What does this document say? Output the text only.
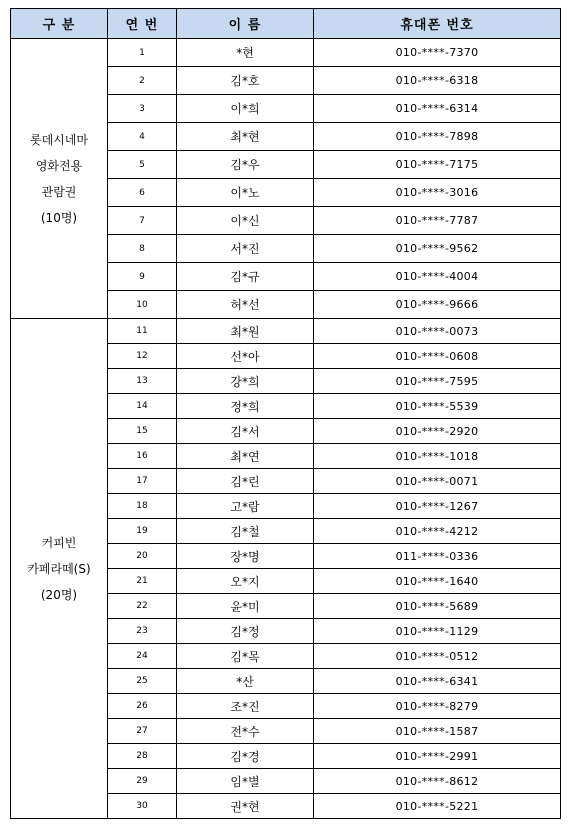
구 분	연 번	이 름	휴대폰 번호

롯데시네마
영화전용
관람권
(10명)	1	*현	010-****-7370
	2	김*호	010-****-6318
	3	이*희	010-****-6314
	4	최*현	010-****-7898
	5	김*우	010-****-7175
	6	이*노	010-****-3016
	7	이*신	010-****-7787
	8	서*진	010-****-9562
	9	김*규	010-****-4004
	10	허*선	010-****-9666

커피빈
카페라떼(S)
(20명)	11	최*원	010-****-0073
	12	선*아	010-****-0608
	13	강*희	010-****-7595
	14	정*희	010-****-5539
	15	김*서	010-****-2920
	16	최*연	010-****-1018
	17	김*린	010-****-0071
	18	고*람	010-****-1267
	19	김*철	010-****-4212
	20	장*명	011-****-0336
	21	오*지	010-****-1640
	22	윤*미	010-****-5689
	23	김*정	010-****-1129
	24	김*목	010-****-0512
	25	*산	010-****-6341
	26	조*진	010-****-8279
	27	전*수	010-****-1587
	28	김*경	010-****-2991
	29	임*별	010-****-8612
	30	권*현	010-****-5221
